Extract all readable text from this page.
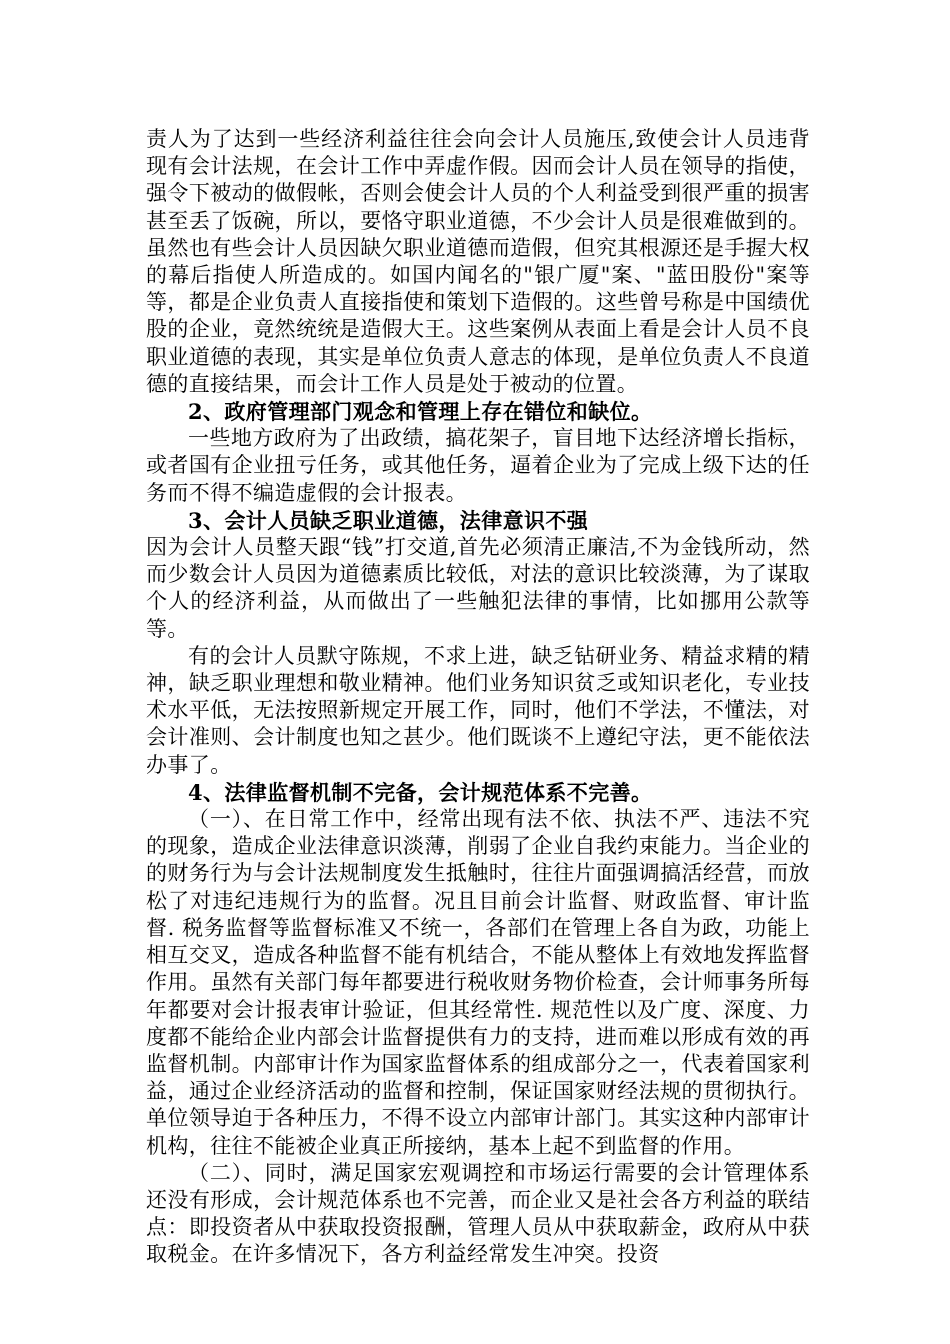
责人为了达到一些经济利益往往会向会计人员施压,致使会计人员违背现有会计法规，在会计工作中弄虚作假。因而会计人员在领导的指使，强令下被动的做假帐，否则会使会计人员的个人利益受到很严重的损害甚至丢了饭碗，所以，要恪守职业道德，不少会计人员是很难做到的。虽然也有些会计人员因缺欠职业道德而造假，但究其根源还是手握大权的幕后指使人所造成的。如国内闻名的"银广厦"案、"蓝田股份"案等等，都是企业负责人直接指使和策划下造假的。这些曾号称是中国绩优股的企业，竟然统统是造假大王。这些案例从表面上看是会计人员不良职业道德的表现，其实是单位负责人意志的体现，是单位负责人不良道德的直接结果，而会计工作人员是处于被动的位置。

2、政府管理部门观念和管理上存在错位和缺位。

一些地方政府为了出政绩，搞花架子，盲目地下达经济增长指标，或者国有企业扭亏任务，或其他任务，逼着企业为了完成上级下达的任务而不得不编造虚假的会计报表。

3、会计人员缺乏职业道德，法律意识不强

因为会计人员整天跟“钱”打交道,首先必须清正廉洁,不为金钱所动，然而少数会计人员因为道德素质比较低，对法的意识比较淡薄，为了谋取个人的经济利益，从而做出了一些触犯法律的事情，比如挪用公款等等。

有的会计人员默守陈规，不求上进，缺乏钻研业务、精益求精的精神，缺乏职业理想和敬业精神。他们业务知识贫乏或知识老化，专业技术水平低，无法按照新规定开展工作，同时，他们不学法，不懂法，对会计准则、会计制度也知之甚少。他们既谈不上遵纪守法，更不能依法办事了。

4、法律监督机制不完备，会计规范体系不完善。

（一）、在日常工作中，经常出现有法不依、执法不严、违法不究的现象，造成企业法律意识淡薄，削弱了企业自我约束能力。当企业的的财务行为与会计法规制度发生抵触时，往往片面强调搞活经营，而放松了对违纪违规行为的监督。况且目前会计监督、财政监督、审计监督. 税务监督等监督标准又不统一，各部们在管理上各自为政，功能上相互交叉，造成各种监督不能有机结合，不能从整体上有效地发挥监督作用。虽然有关部门每年都要进行税收财务物价检查，会计师事务所每年都要对会计报表审计验证，但其经常性. 规范性以及广度、深度、力度都不能给企业内部会计监督提供有力的支持，进而难以形成有效的再监督机制。内部审计作为国家监督体系的组成部分之一，代表着国家利益，通过企业经济活动的监督和控制，保证国家财经法规的贯彻执行。单位领导迫于各种压力，不得不设立内部审计部门。其实这种内部审计机构，往往不能被企业真正所接纳，基本上起不到监督的作用。

（二）、同时，满足国家宏观调控和市场运行需要的会计管理体系还没有形成，会计规范体系也不完善，而企业又是社会各方利益的联结点：即投资者从中获取投资报酬，管理人员从中获取薪金，政府从中获取税金。在许多情况下，各方利益经常发生冲突。投资
